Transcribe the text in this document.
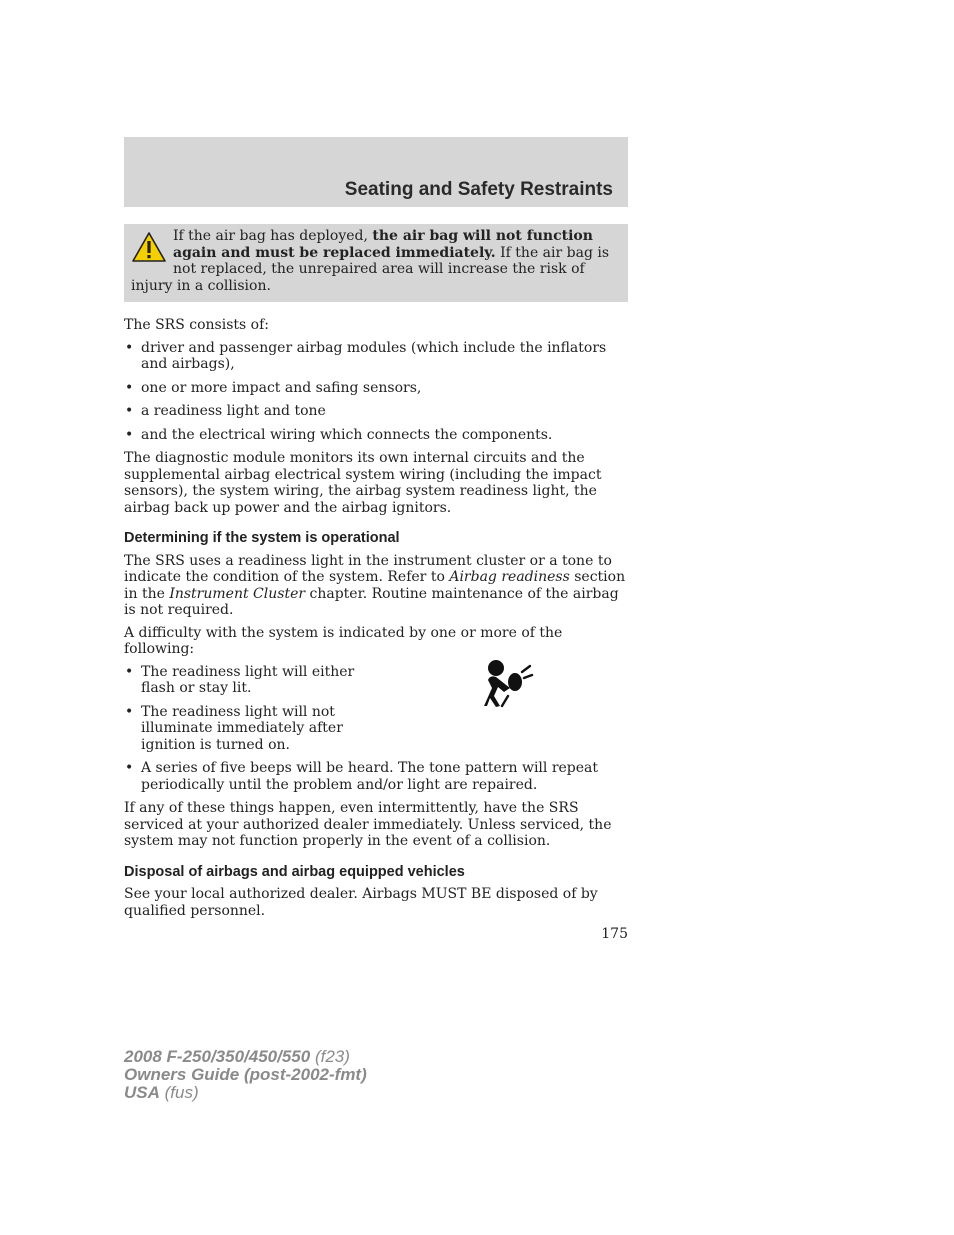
Seating and Safety Restraints
If the air bag has deployed, the air bag will not function again and must be replaced immediately. If the air bag is not replaced, the unrepaired area will increase the risk of injury in a collision.

The SRS consists of:

• driver and passenger airbag modules (which include the inflators and airbags),
• one or more impact and safing sensors,
• a readiness light and tone
• and the electrical wiring which connects the components.

The diagnostic module monitors its own internal circuits and the supplemental airbag electrical system wiring (including the impact sensors), the system wiring, the airbag system readiness light, the airbag back up power and the airbag ignitors.

Determining if the system is operational

The SRS uses a readiness light in the instrument cluster or a tone to indicate the condition of the system. Refer to Airbag readiness section in the Instrument Cluster chapter. Routine maintenance of the airbag is not required.

A difficulty with the system is indicated by one or more of the following:

• The readiness light will either flash or stay lit.
• The readiness light will not illuminate immediately after ignition is turned on.
• A series of five beeps will be heard. The tone pattern will repeat periodically until the problem and/or light are repaired.

If any of these things happen, even intermittently, have the SRS serviced at your authorized dealer immediately. Unless serviced, the system may not function properly in the event of a collision.

Disposal of airbags and airbag equipped vehicles

See your local authorized dealer. Airbags MUST BE disposed of by qualified personnel.

175
2008 F-250/350/450/550 (f23)
Owners Guide (post-2002-fmt)
USA (fus)
